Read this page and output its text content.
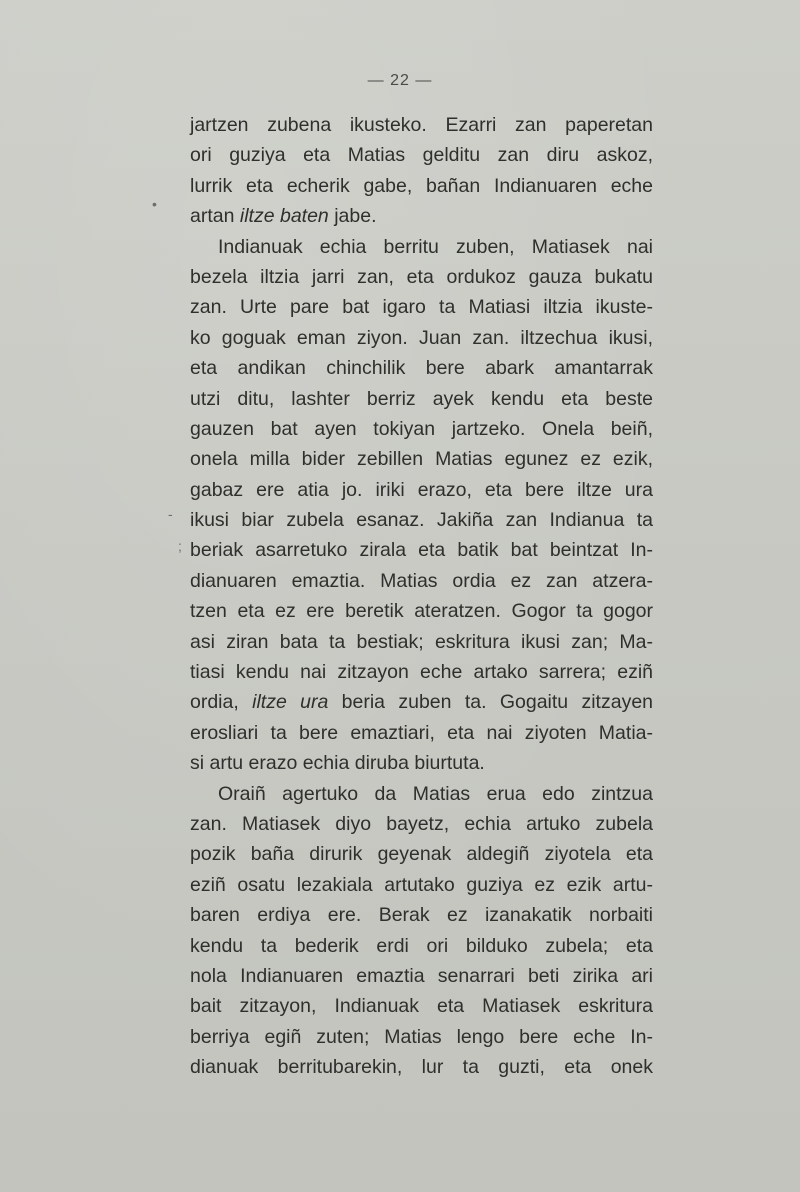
— 22 —
jartzen zubena ikusteko. Ezarri zan paperetan
ori guziya eta Matias gelditu zan diru askoz,
lurrik eta echerik gabe, bañan Indianuaren eche
artan iltze baten jabe.
Indianuak echia berritu zuben, Matiasek nai
bezela iltzia jarri zan, eta ordukoz gauza bukatu
zan. Urte pare bat igaro ta Matiasi iltzia ikuste-
ko goguak eman ziyon. Juan zan. iltzechua ikusi,
eta andikan chinchilik bere abark amantarrak
utzi ditu, lashter berriz ayek kendu eta beste
gauzen bat ayen tokiyan jartzeko. Onela beiñ,
onela milla bider zebillen Matias egunez ez ezik,
gabaz ere atia jo. iriki erazo, eta bere iltze ura
ikusi biar zubela esanaz. Jakiña zan Indianua ta
beriak asarretuko zirala eta batik bat beintzat In-
dianuaren emaztia. Matias ordia ez zan atzera-
tzen eta ez ere beretik ateratzen. Gogor ta gogor
asi ziran bata ta bestiak; eskritura ikusi zan; Ma-
tiasi kendu nai zitzayon eche artako sarrera; eziñ
ordia, iltze ura beria zuben ta. Gogaitu zitzayen
erosliari ta bere emaztiari, eta nai ziyoten Matia-
si artu erazo echia diruba biurtuta.
Oraiñ agertuko da Matias erua edo zintzua
zan. Matiasek diyo bayetz, echia artuko zubela
pozik baña dirurik geyenak aldegiñ ziyotela eta
eziñ osatu lezakiala artutako guziya ez ezik artu-
baren erdiya ere. Berak ez izanakatik norbaiti
kendu ta bederik erdi ori bilduko zubela; eta
nola Indianuaren emaztia senarrari beti zirika ari
bait zitzayon, Indianuak eta Matiasek eskritura
berriya egiñ zuten; Matias lengo bere eche In-
dianuak berritubarekin, lur ta guzti, eta onek
•
-
;
